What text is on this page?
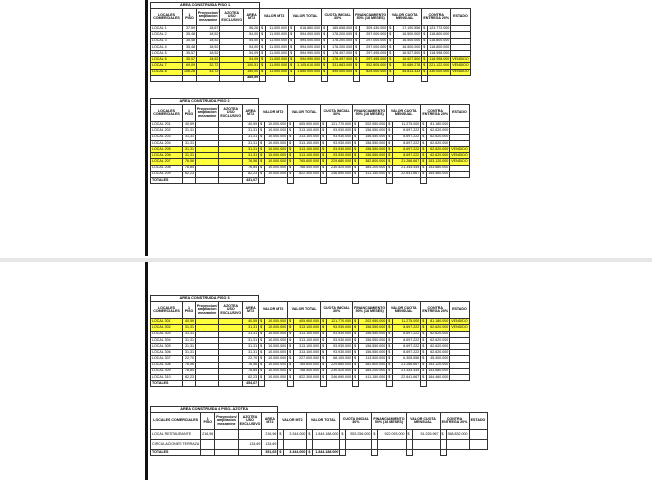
AREA CONSTRUIDA PISO 1																	
LOCALES COMERCIALES	1 PISO	Proyeccion/ ampliacion mezzanine	AZOTEA USO EXCLUSIVO	AREA MT2	VALOR MT2		VALOR TOTAL		CUOTA INICIAL 30%		FINANCIAMIENTO 50% (18 MESES)		VALOR CUOTA MENSUAL		CONTRA ENTREGA 20%		ESTADO
LOCAL 1	37,59	18,67		56,26	$	11.000.000	$	618.860.000	$	185.658.000	$	309.430.000	$	17.190.556	$	123.772.000	
LOCAL 2	35,48	18,52		54,00	$	11.000.000	$	594.000.000	$	178.200.000	$	297.000.000	$	16.500.000	$	118.800.000	
LOCAL 3	35,48	18,52		54,00	$	11.000.000	$	594.000.000	$	178.200.000	$	297.000.000	$	16.500.000	$	118.800.000	
LOCAL 4	35,48	18,52		54,00	$	11.000.000	$	594.000.000	$	178.200.000	$	297.000.000	$	16.500.000	$	118.800.000	
LOCAL 5	35,57	18,52		54,09	$	11.000.000	$	594.990.000	$	178.497.000	$	297.495.000	$	16.527.500	$	118.998.000	
LOCAL 6	35,57	18,52		54,09	$	11.000.000	$	594.990.000	$	178.497.000	$	297.495.000	$	16.527.500	$	118.998.000	VENDIDO
LOCAL 7	69,09	32,72		100,51	$	11.000.000	$	1.105.610.000	$	331.683.000	$	552.805.000	$	30.689.278	$	221.122.000	VENDIDO
LOCAL 8	106,28	43,72		150,00	$	11.000.000	$	1.650.000.000	$	495.000.000	$	825.000.000	$	45.833.333	$	330.000.000	VENDIDO
				385,59													
AREA CONSTRUIDA PISO 2																	
LOCALES COMERCIALES	1 PISO	Proyeccion/ ampliacion mezzanine	AZOTEA USO EXCLUSIVO	AREA MT2	VALOR MT2		VALOR TOTAL		CUOTA INICIAL 30%		FINANCIAMIENTO 50% (18 MESES)		VALOR CUOTA MENSUAL		CONTRA ENTREGA 20%		ESTADO
LOCAL 201	40,59			40,59	$	10.000.000	$	405.900.000	$	121.770.000	$	202.950.000	$	11.275.000	$	81.180.000	
LOCAL 202	31,31			31,31	$	10.000.000	$	313.100.000	$	93.930.000	$	156.550.000	$	8.697.222	$	62.620.000	
LOCAL 203	31,31			31,31	$	10.000.000	$	313.100.000	$	93.930.000	$	156.550.000	$	8.697.222	$	62.620.000	
LOCAL 204	31,31			31,31	$	10.000.000	$	313.100.000	$	93.930.000	$	156.550.000	$	8.697.222	$	62.620.000	
LOCAL 205	31,31			31,31	$	10.000.000	$	313.100.000	$	93.930.000	$	156.550.000	$	8.697.222	$	62.620.000	VENDIDO
LOCAL 206	31,31			31,31	$	10.000.000	$	313.100.000	$	93.930.000	$	156.550.000	$	8.697.222	$	62.620.000	VENDIDO
LOCAL 207	76,56			76,56	$	10.000.000	$	765.600.000	$	229.680.000	$	382.800.000	$	21.266.667	$	153.120.000	VENDIDO
LOCAL 208	76,84			76,84	$	10.000.000	$	768.400.000	$	230.520.000	$	384.200.000	$	21.344.444	$	153.680.000	
LOCAL 209	82,23			82,23	$	10.000.000	$	822.300.000	$	246.690.000	$	411.150.000	$	22.841.667	$	164.460.000	
TOTALES				431,07													
AREA CONSTRUIDA PISO 3																	
LOCALES COMERCIALES	1 PISO	Proyeccion/ ampliacion mezzanine	AZOTEA USO EXCLUSIVO	AREA MT2	VALOR MT2		VALOR TOTAL		CUOTA INICIAL 30%		FINANCIAMIENTO 50% (18 MESES)		VALOR CUOTA MENSUAL		CONTRA ENTREGA 20%		ESTADO
LOCAL 301	40,59			40,59	$	10.000.000	$	405.900.000	$	121.770.000	$	202.950.000	$	11.275.000	$	81.180.000	VENDIDO
LOCAL 302	31,31			31,31	$	10.000.000	$	313.100.000	$	93.930.000	$	156.550.000	$	8.697.222	$	62.620.000	VENDIDO
LOCAL 303	31,31			31,31	$	10.000.000	$	313.100.000	$	93.930.000	$	156.550.000	$	8.697.222	$	62.620.000	
LOCAL 304	31,31			31,31	$	10.000.000	$	313.100.000	$	93.930.000	$	156.550.000	$	8.697.222	$	62.620.000	
LOCAL 305	31,31			31,31	$	10.000.000	$	313.100.000	$	93.930.000	$	156.550.000	$	8.697.222	$	62.620.000	
LOCAL 306	31,31			31,31	$	10.000.000	$	313.100.000	$	93.930.000	$	156.550.000	$	8.697.222	$	62.620.000	
LOCAL 307	22,70			22,70	$	10.000.000	$	227.000.000	$	68.100.000	$	113.500.000	$	6.305.556	$	45.400.000	
LOCAL 308	76,56			76,56	$	10.000.000	$	765.600.000	$	229.680.000	$	382.800.000	$	21.266.667	$	153.120.000	
LOCAL 309	76,84			76,84	$	10.000.000	$	768.400.000	$	230.520.000	$	384.200.000	$	21.344.444	$	153.680.000	
LOCAL 310	82,23			82,23	$	10.000.000	$	822.300.000	$	246.690.000	$	411.150.000	$	22.841.667	$	164.460.000	
TOTALES				454,67													
AREA CONSTRUIDA 4 PISO- AZOTEA																	
LOCALES COMERCIALES	1 PISO	Proyeccion/ ampliacion mezzanine	AZOTEA USO EXCLUSIVO	AREA MT2	VALOR MT2		VALOR TOTAL		CUOTA INICIAL 30%		FINANCIAMIENTO 50% (18 MESES)		VALOR CUOTA MENSUAL		CONTRA ENTREGA 20%		ESTADO
LOCAL RESTAURANTE	216,96			216,96	$	3.344.000	$	1.844.188.000	$	553.256.000	$	922.093.000	$	51.226.967	$	368.832.000	
CIRCULACIONES TERRAZA			134,69	134,69													
TOTALES				351,65	$	3.344.000	$	1.844.188.000									
